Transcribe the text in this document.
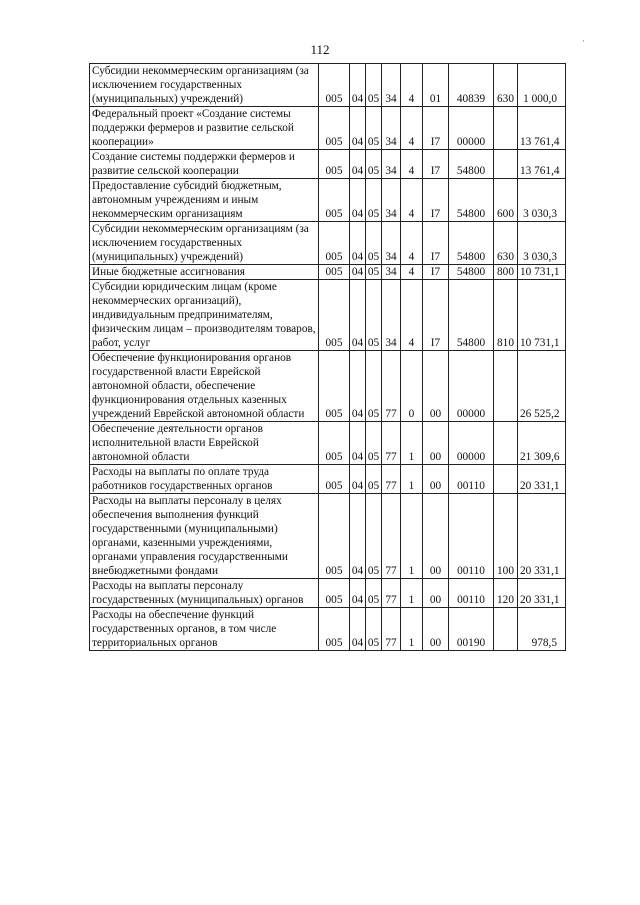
112
·
Субсидии некоммерческим организациям (за исключением государственных (муниципальных) учреждений)	005	04	05	34	4	01	40839	630	1 000,0
Федеральный проект «Создание системы поддержки фермеров и развитие сельской кооперации»	005	04	05	34	4	I7	00000		13 761,4
Создание системы поддержки фермеров и развитие сельской кооперации	005	04	05	34	4	I7	54800		13 761,4
Предоставление субсидий бюджетным, автономным учреждениям и иным некоммерческим организациям	005	04	05	34	4	I7	54800	600	3 030,3
Субсидии некоммерческим организациям (за исключением государственных (муниципальных) учреждений)	005	04	05	34	4	I7	54800	630	3 030,3
Иные бюджетные ассигнования	005	04	05	34	4	I7	54800	800	10 731,1
Субсидии юридическим лицам (кроме некоммерческих организаций), индивидуальным предпринимателям, физическим лицам – производителям товаров, работ, услуг	005	04	05	34	4	I7	54800	810	10 731,1
Обеспечение функционирования органов государственной власти Еврейской автономной области, обеспечение функционирования отдельных казенных учреждений Еврейской автономной области	005	04	05	77	0	00	00000		26 525,2
Обеспечение деятельности органов исполнительной власти Еврейской автономной области	005	04	05	77	1	00	00000		21 309,6
Расходы на выплаты по оплате труда работников государственных органов	005	04	05	77	1	00	00110		20 331,1
Расходы на выплаты персоналу в целях обеспечения выполнения функций государственными (муниципальными) органами, казенными учреждениями, органами управления государственными внебюджетными фондами	005	04	05	77	1	00	00110	100	20 331,1
Расходы на выплаты персоналу государственных (муниципальных) органов	005	04	05	77	1	00	00110	120	20 331,1
Расходы на обеспечение функций государственных органов, в том числе территориальных органов	005	04	05	77	1	00	00190		978,5
